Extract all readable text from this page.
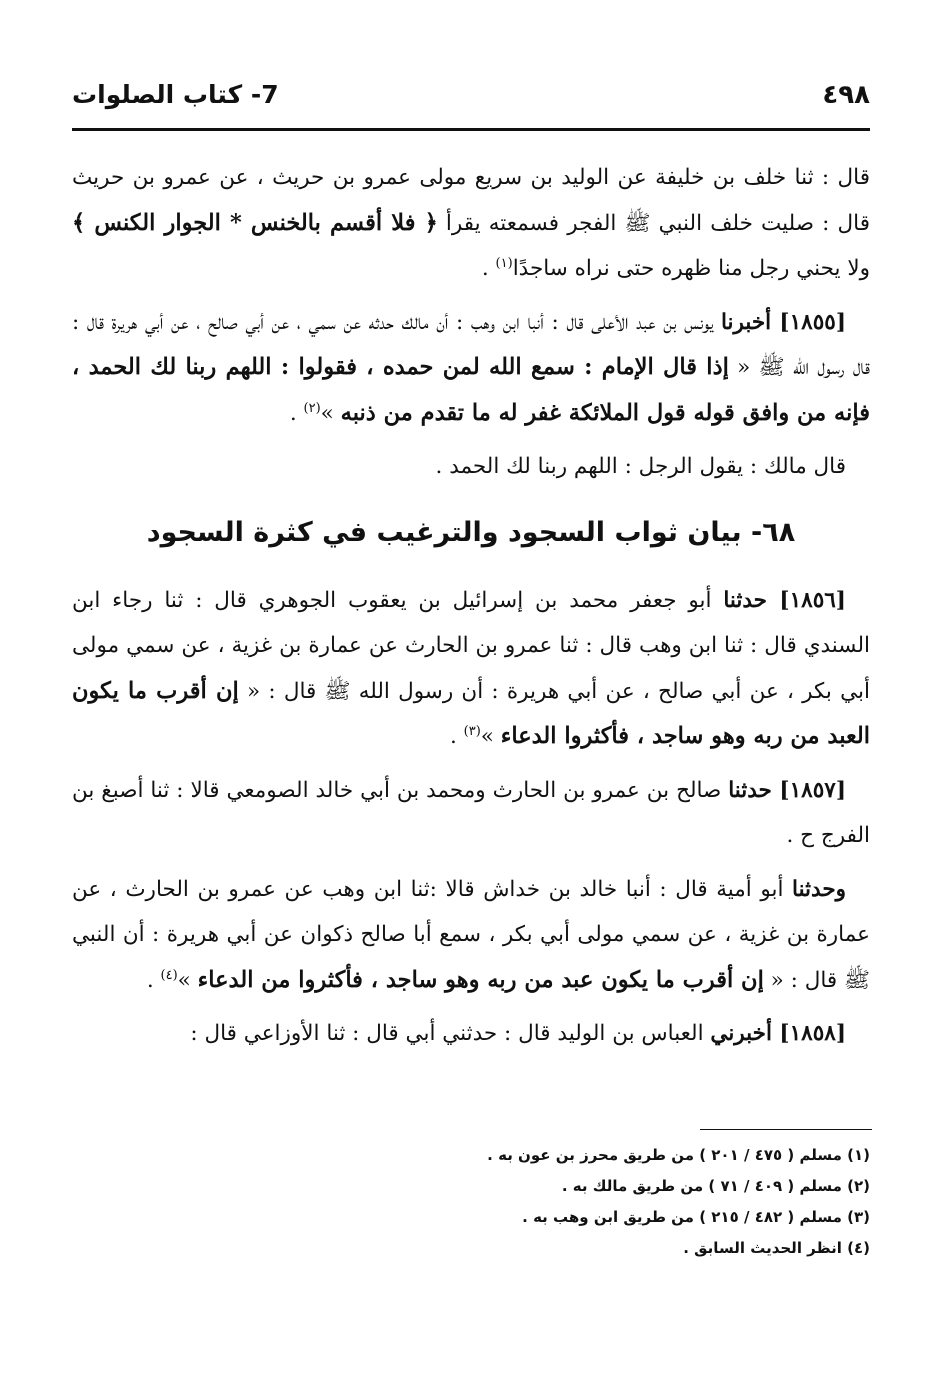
٤٩٨
7- كتاب الصلوات

قال : ثنا خلف بن خليفة عن الوليد بن سريع مولى عمرو بن حريث ، عن عمرو بن حريث قال : صليت خلف النبي ﷺ الفجر فسمعته يقرأ ﴿ فلا أقسم بالخنس * الجوار الكنس ﴾ ولا يحني رجل منا ظهره حتى نراه ساجدًا$^{(١)}$ .

[١٨٥٥] أخبرنا يونس بن عبد الأعلى قال : أنبا ابن وهب : أن مالك حدثه عن سمي ، عن أبي صالح ، عن أبي هريرة قال : قال رسول الله ﷺ « إذا قال الإمام : سمع الله لمن حمده ، فقولوا : اللهم ربنا لك الحمد ، فإنه من وافق قوله قول الملائكة غفر له ما تقدم من ذنبه »$^{(٢)}$ .

قال مالك : يقول الرجل : اللهم ربنا لك الحمد .

٦٨- بيان ثواب السجود والترغيب في كثرة السجود

[١٨٥٦] حدثنا أبو جعفر محمد بن إسرائيل بن يعقوب الجوهري قال : ثنا رجاء ابن السندي قال : ثنا ابن وهب قال : ثنا عمرو بن الحارث عن عمارة بن غزية ، عن سمي مولى أبي بكر ، عن أبي صالح ، عن أبي هريرة : أن رسول الله ﷺ قال : « إن أقرب ما يكون العبد من ربه وهو ساجد ، فأكثروا الدعاء »$^{(٣)}$ .

[١٨٥٧] حدثنا صالح بن عمرو بن الحارث ومحمد بن أبي خالد الصومعي قالا : ثنا أصبغ بن الفرج ح .

وحدثنا أبو أمية قال : أنبا خالد بن خداش قالا :ثنا ابن وهب عن عمرو بن الحارث ، عن عمارة بن غزية ، عن سمي مولى أبي بكر ، سمع أبا صالح ذكوان عن أبي هريرة : أن النبي ﷺ قال : « إن أقرب ما يكون عبد من ربه وهو ساجد ، فأكثروا من الدعاء »$^{(٤)}$ .

[١٨٥٨] أخبرني العباس بن الوليد قال : حدثني أبي قال : ثنا الأوزاعي قال :

(١) مسلم ( ٤٧٥ / ٢٠١ ) من طريق محرز بن عون به .

(٢) مسلم ( ٤٠٩ / ٧١ ) من طريق مالك به .

(٣) مسلم ( ٤٨٢ / ٢١٥ ) من طريق ابن وهب به .

(٤) انظر الحديث السابق .
